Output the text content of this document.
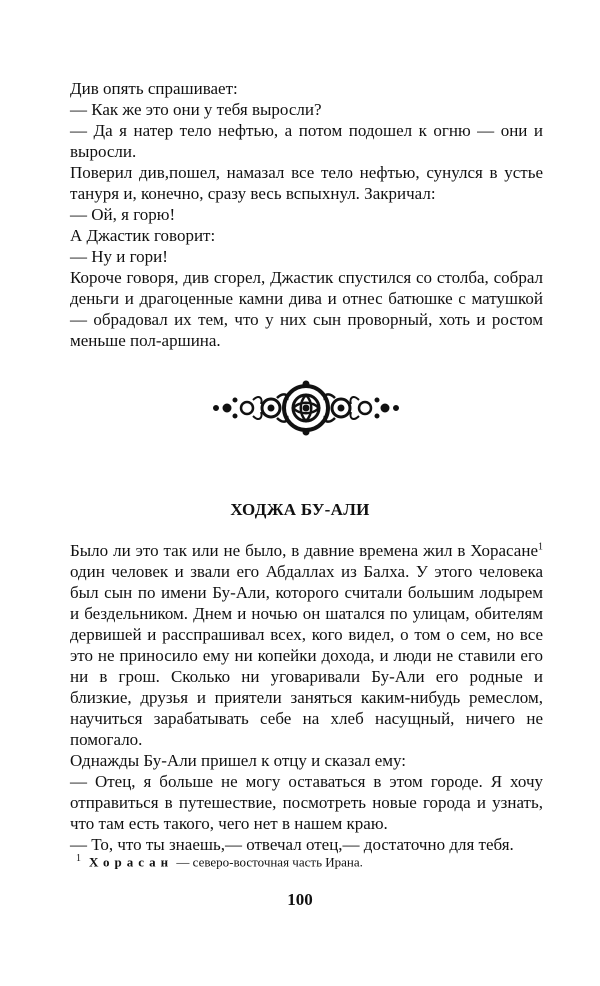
Див опять спрашивает:

— Как же это они у тебя выросли?

— Да я натер тело нефтью, а потом подошел к огню — они и выросли.

Поверил див,пошел, намазал все тело нефтью, сунулся в устье тануря и, конечно, сразу весь вспыхнул. Закричал:

— Ой, я горю!

А Джастик говорит:

— Ну и гори!

Короче говоря, див сгорел, Джастик спустился со столба, собрал деньги и драгоценные камни дива и отнес батюшке с матушкой — обрадовал их тем, что у них сын проворный, хоть и ростом меньше пол-аршина.

ХОДЖА БУ-АЛИ

Было ли это так или не было, в давние времена жил в Хорасане$^1$ один человек и звали его Абдаллах из Балха. У этого человека был сын по имени Бу-Али, которого считали большим лодырем и бездельником. Днем и ночью он шатался по улицам, обителям дервишей и расспрашивал всех, кого видел, о том о сем, но все это не приносило ему ни копейки дохода, и люди не ставили его ни в грош. Сколько ни уговаривали Бу-Али его родные и близкие, друзья и приятели заняться каким-нибудь ремеслом, научиться зарабатывать себе на хлеб насущный, ничего не помогало.

Однажды Бу-Али пришел к отцу и сказал ему:

— Отец, я больше не могу оставаться в этом городе. Я хочу отправиться в путешествие, посмотреть новые города и узнать, что там есть такого, чего нет в нашем краю.

— То, что ты знаешь,— отвечал отец,— достаточно для тебя.

$^1$ Хорасан — северо-восточная часть Ирана.
100
